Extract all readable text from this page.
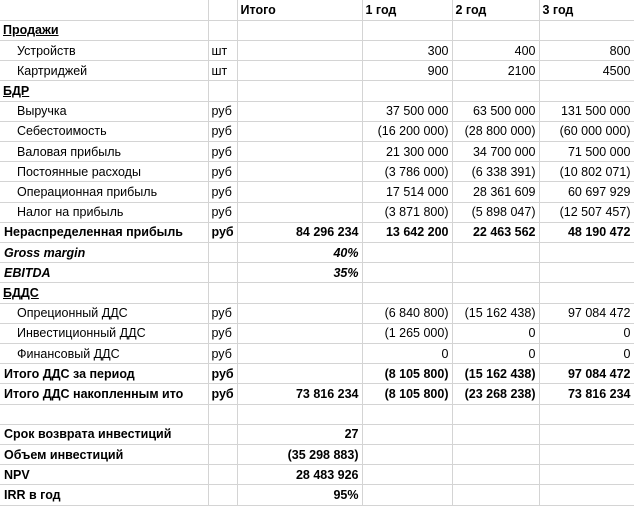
		Итого	1 год	2 год	3 год
Продажи					
Устройств	шт		300	400	800
Картриджей	шт		900	2100	4500
БДР					
Выручка	руб		37 500 000	63 500 000	131 500 000
Себестоимость	руб		(16 200 000)	(28 800 000)	(60 000 000)
Валовая прибыль	руб		21 300 000	34 700 000	71 500 000
Постоянные расходы	руб		(3 786 000)	(6 338 391)	(10 802 071)
Операционная прибыль	руб		17 514 000	28 361 609	60 697 929
Налог на прибыль	руб		(3 871 800)	(5 898 047)	(12 507 457)
Нераспределенная прибыль	руб	84 296 234	13 642 200	22 463 562	48 190 472
Gross margin		40%			
EBITDA		35%			
БДДС					
Опреционный ДДС	руб		(6 840 800)	(15 162 438)	97 084 472
Инвестиционный ДДС	руб		(1 265 000)	0	0
Финансовый ДДС	руб		0	0	0
Итого ДДС за период	руб		(8 105 800)	(15 162 438)	97 084 472
Итого ДДС накопленным ито	руб	73 816 234	(8 105 800)	(23 268 238)	73 816 234

Срок возврата инвестиций		27			
Объем инвестиций		(35 298 883)			
NPV		28 483 926			
IRR в год		95%			
